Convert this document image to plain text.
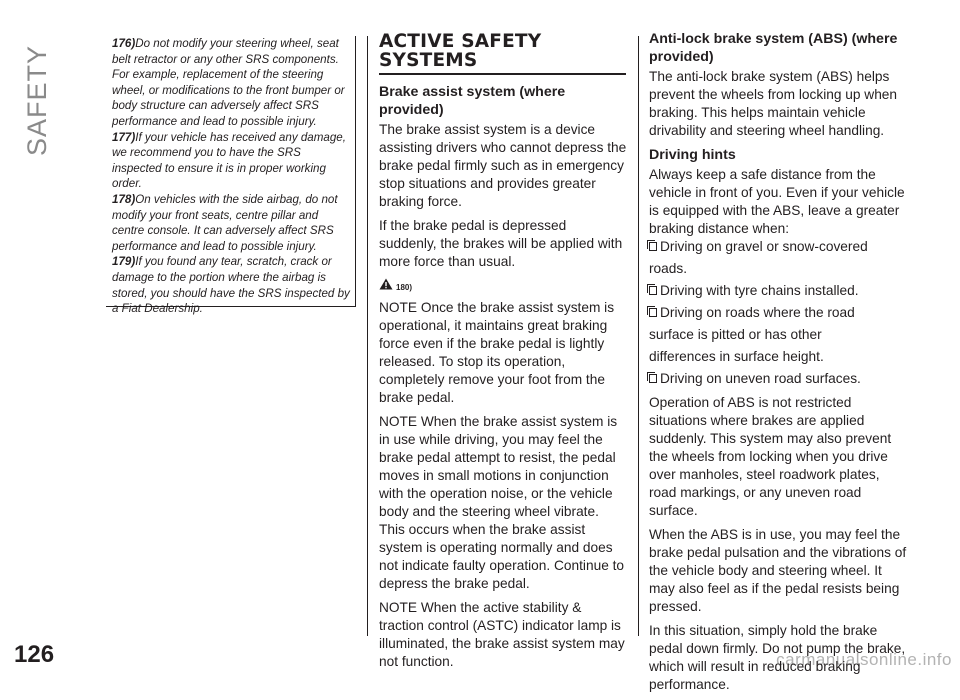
SAFETY
126	carmanualsonline.info
176)Do not modify your steering wheel, seat belt retractor or any other SRS components. For example, replacement of the steering wheel, or modifications to the front bumper or body structure can adversely affect SRS performance and lead to possible injury.
177)If your vehicle has received any damage, we recommend you to have the SRS inspected to ensure it is in proper working order.
178)On vehicles with the side airbag, do not modify your front seats, centre pillar and centre console. It can adversely affect SRS performance and lead to possible injury.
179)If you found any tear, scratch, crack or damage to the portion where the airbag is stored, you should have the SRS inspected by a Fiat Dealership.
ACTIVE SAFETY
SYSTEMS
Brake assist system (where provided)

The brake assist system is a device assisting drivers who cannot depress the brake pedal firmly such as in emergency stop situations and provides greater braking force.

If the brake pedal is depressed suddenly, the brakes will be applied with more force than usual.

$^{180)}$

NOTE Once the brake assist system is operational, it maintains great braking force even if the brake pedal is lightly released. To stop its operation, completely remove your foot from the brake pedal.

NOTE When the brake assist system is in use while driving, you may feel the brake pedal attempt to resist, the pedal moves in small motions in conjunction with the operation noise, or the vehicle body and the steering wheel vibrate. This occurs when the brake assist system is operating normally and does not indicate faulty operation. Continue to depress the brake pedal.

NOTE When the active stability & traction control (ASTC) indicator lamp is illuminated, the brake assist system may not function.

Anti-lock brake system (ABS) (where provided)

The anti-lock brake system (ABS) helps prevent the wheels from locking up when braking. This helps maintain vehicle drivability and steering wheel handling.

Driving hints

Always keep a safe distance from the vehicle in front of you. Even if your vehicle is equipped with the ABS, leave a greater braking distance when:

Driving on gravel or snow-covered
roads.
Driving with tyre chains installed.
Driving on roads where the road
surface is pitted or has other
differences in surface height.
Driving on uneven road surfaces.

Operation of ABS is not restricted situations where brakes are applied suddenly. This system may also prevent the wheels from locking when you drive over manholes, steel roadwork plates, road markings, or any uneven road surface.

When the ABS is in use, you may feel the brake pedal pulsation and the vibrations of the vehicle body and steering wheel. It may also feel as if the pedal resists being pressed.

In this situation, simply hold the brake pedal down firmly. Do not pump the brake, which will result in reduced braking performance.
